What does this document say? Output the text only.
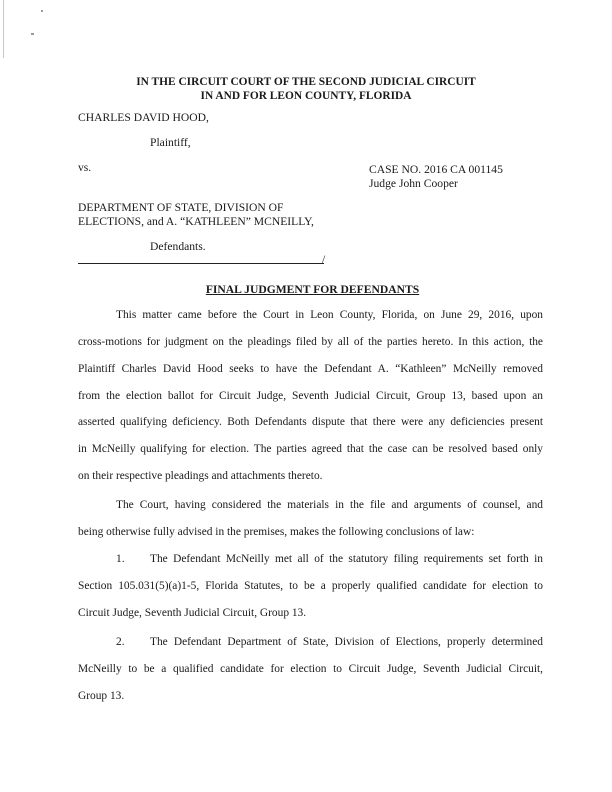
IN THE CIRCUIT COURT OF THE SECOND JUDICIAL CIRCUIT
IN AND FOR LEON COUNTY, FLORIDA
CHARLES DAVID HOOD,
Plaintiff,
vs.	CASE NO. 2016 CA 001145
Judge John Cooper
DEPARTMENT OF STATE, DIVISION OF
ELECTIONS, and A. “KATHLEEN” MCNEILLY,
Defendants.
/
FINAL JUDGMENT FOR DEFENDANTS
This matter came before the Court in Leon County, Florida, on June 29, 2016, upon
cross-motions for judgment on the pleadings filed by all of the parties hereto. In this action, the
Plaintiff Charles David Hood seeks to have the Defendant A. “Kathleen” McNeilly removed
from the election ballot for Circuit Judge, Seventh Judicial Circuit, Group 13, based upon an
asserted qualifying deficiency. Both Defendants dispute that there were any deficiencies present
in McNeilly qualifying for election. The parties agreed that the case can be resolved based only
on their respective pleadings and attachments thereto.
The Court, having considered the materials in the file and arguments of counsel, and
being otherwise fully advised in the premises, makes the following conclusions of law:
1. The Defendant McNeilly met all of the statutory filing requirements set forth in
Section 105.031(5)(a)1-5, Florida Statutes, to be a properly qualified candidate for election to
Circuit Judge, Seventh Judicial Circuit, Group 13.
2. The Defendant Department of State, Division of Elections, properly determined
McNeilly to be a qualified candidate for election to Circuit Judge, Seventh Judicial Circuit,
Group 13.
